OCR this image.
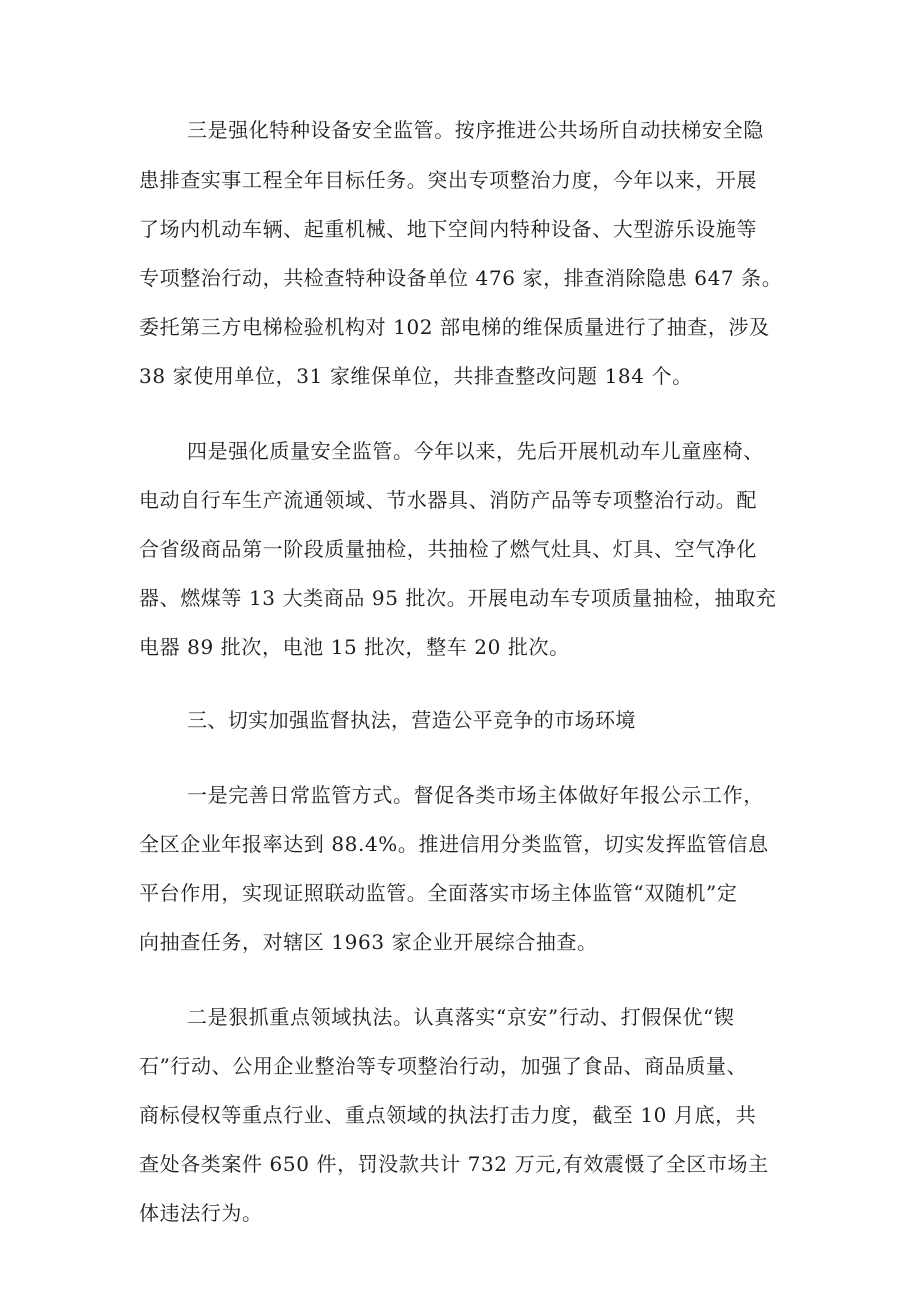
三是强化特种设备安全监管。按序推进公共场所自动扶梯安全隐
患排查实事工程全年目标任务。突出专项整治力度，今年以来，开展
了场内机动车辆、起重机械、地下空间内特种设备、大型游乐设施等
专项整治行动，共检查特种设备单位 476 家，排查消除隐患 647 条。
委托第三方电梯检验机构对 102 部电梯的维保质量进行了抽查，涉及
38 家使用单位，31 家维保单位，共排查整改问题 184 个。
四是强化质量安全监管。今年以来，先后开展机动车儿童座椅、
电动自行车生产流通领域、节水器具、消防产品等专项整治行动。配
合省级商品第一阶段质量抽检，共抽检了燃气灶具、灯具、空气净化
器、燃煤等 13 大类商品 95 批次。开展电动车专项质量抽检，抽取充
电器 89 批次，电池 15 批次，整车 20 批次。
三、切实加强监督执法，营造公平竞争的市场环境
一是完善日常监管方式。督促各类市场主体做好年报公示工作，
全区企业年报率达到 88.4%。推进信用分类监管，切实发挥监管信息
平台作用，实现证照联动监管。全面落实市场主体监管“双随机”定
向抽查任务，对辖区 1963 家企业开展综合抽查。
二是狠抓重点领域执法。认真落实“京安”行动、打假保优“锲
石”行动、公用企业整治等专项整治行动，加强了食品、商品质量、
商标侵权等重点行业、重点领域的执法打击力度，截至 10 月底，共
查处各类案件 650 件，罚没款共计 732 万元,有效震慑了全区市场主
体违法行为。
